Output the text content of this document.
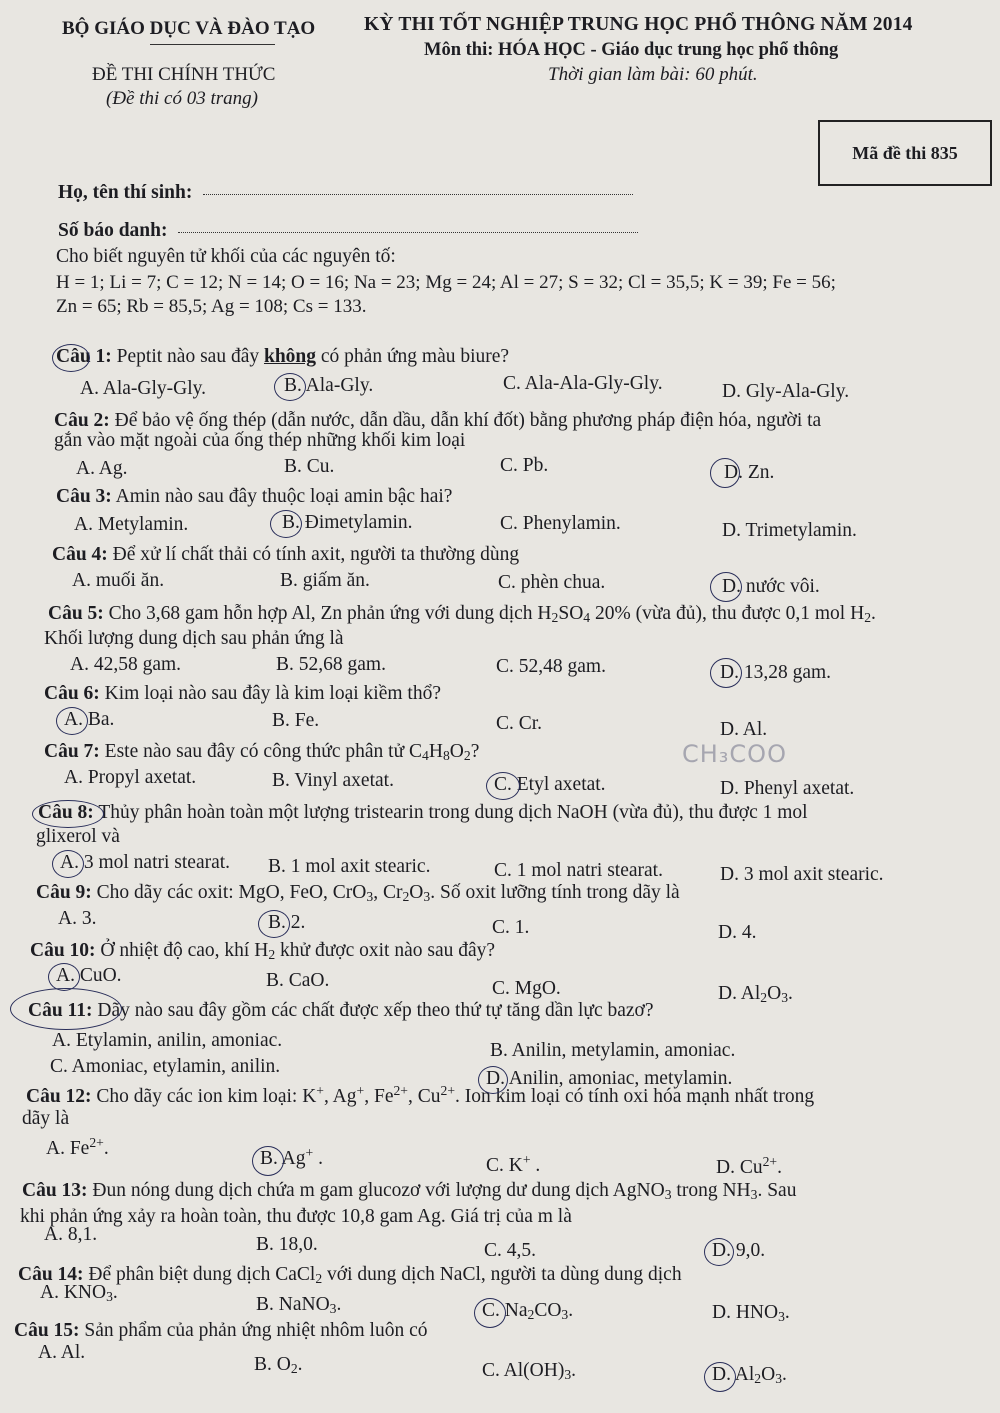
BỘ GIÁO DỤC VÀ ĐÀO TẠO	KỲ THI TỐT NGHIỆP TRUNG HỌC PHỔ THÔNG NĂM 2014
Môn thi: HÓA HỌC - Giáo dục trung học phổ thông
ĐỀ THI CHÍNH THỨC	Thời gian làm bài: 60 phút.
(Đề thi có 03 trang)
Mã đề thi 835
Họ, tên thí sinh:
Số báo danh:
Cho biết nguyên tử khối của các nguyên tố:
H = 1; Li = 7; C = 12; N = 14; O = 16; Na = 23; Mg = 24; Al = 27; S = 32; Cl = 35,5; K = 39; Fe = 56;
Zn = 65; Rb = 85,5; Ag = 108; Cs = 133.
Câu 1: Peptit nào sau đây không có phản ứng màu biure?
A. Ala-Gly-Gly.	B. Ala-Gly.	C. Ala-Ala-Gly-Gly.	D. Gly-Ala-Gly.
Câu 2: Để bảo vệ ống thép (dẫn nước, dẫn dầu, dẫn khí đốt) bằng phương pháp điện hóa, người ta
gắn vào mặt ngoài của ống thép những khối kim loại
A. Ag.	B. Cu.	C. Pb.	D. Zn.
Câu 3: Amin nào sau đây thuộc loại amin bậc hai?
A. Metylamin.	B. Đimetylamin.	C. Phenylamin.	D. Trimetylamin.
Câu 4: Để xử lí chất thải có tính axit, người ta thường dùng
A. muối ăn.	B. giấm ăn.	C. phèn chua.	D. nước vôi.
Câu 5: Cho 3,68 gam hỗn hợp Al, Zn phản ứng với dung dịch $H_2SO_4$ 20% (vừa đủ), thu được 0,1 mol $H_2$.
Khối lượng dung dịch sau phản ứng là
A. 42,58 gam.	B. 52,68 gam.	C. 52,48 gam.	D. 13,28 gam.
Câu 6: Kim loại nào sau đây là kim loại kiềm thổ?
A. Ba.	B. Fe.	C. Cr.	D. Al.
Câu 7: Este nào sau đây có công thức phân tử $C_4H_8O_2$?	CH₃COO
A. Propyl axetat.	B. Vinyl axetat.	C. Etyl axetat.	D. Phenyl axetat.
Câu 8: Thủy phân hoàn toàn một lượng tristearin trong dung dịch NaOH (vừa đủ), thu được 1 mol
glixerol và
A. 3 mol natri stearat. B. 1 mol axit stearic.	C. 1 mol natri stearat.	D. 3 mol axit stearic.
Câu 9: Cho dãy các oxit: MgO, FeO, CrO$_3$, $Cr_2O_3$. Số oxit lưỡng tính trong dãy là
A. 3.	B. 2.	C. 1.	D. 4.
Câu 10: Ở nhiệt độ cao, khí $H_2$ khử được oxit nào sau đây?
A. CuO.	B. CaO.	C. MgO.	D. $Al_2O_3$.
Câu 11: Dãy nào sau đây gồm các chất được xếp theo thứ tự tăng dần lực bazơ?
A. Etylamin, anilin, amoniac.	B. Anilin, metylamin, amoniac.
C. Amoniac, etylamin, anilin.
D. Anilin, amoniac, metylamin.
Câu 12: Cho dãy các ion kim loại: K+, Ag+, $Fe^{2+}$, $Cu^{2+}$. Ion kim loại có tính oxi hóa mạnh nhất trong
dãy là
A. $Fe^{2+}$.	B. Ag+ .	C. K+ .	D. $Cu^{2+}$.
Câu 13: Đun nóng dung dịch chứa m gam glucozơ với lượng dư dung dịch AgNO$_3$ trong $NH_3$. Sau
khi phản ứng xảy ra hoàn toàn, thu được 10,8 gam Ag. Giá trị của m là
A. 8,1.	B. 18,0.	C. 4,5.	D. 9,0.
Câu 14: Để phân biệt dung dịch CaCl$_2$ với dung dịch NaCl, người ta dùng dung dịch
A. $KNO_3$.
B. NaNO$_3$.	C. $Na_2CO_3$.	D. $HNO_3$.
Câu 15: Sản phẩm của phản ứng nhiệt nhôm luôn có
A. Al.
B. $O_2$.	C. $Al(OH)_3$.	D. $Al_2O_3$.
